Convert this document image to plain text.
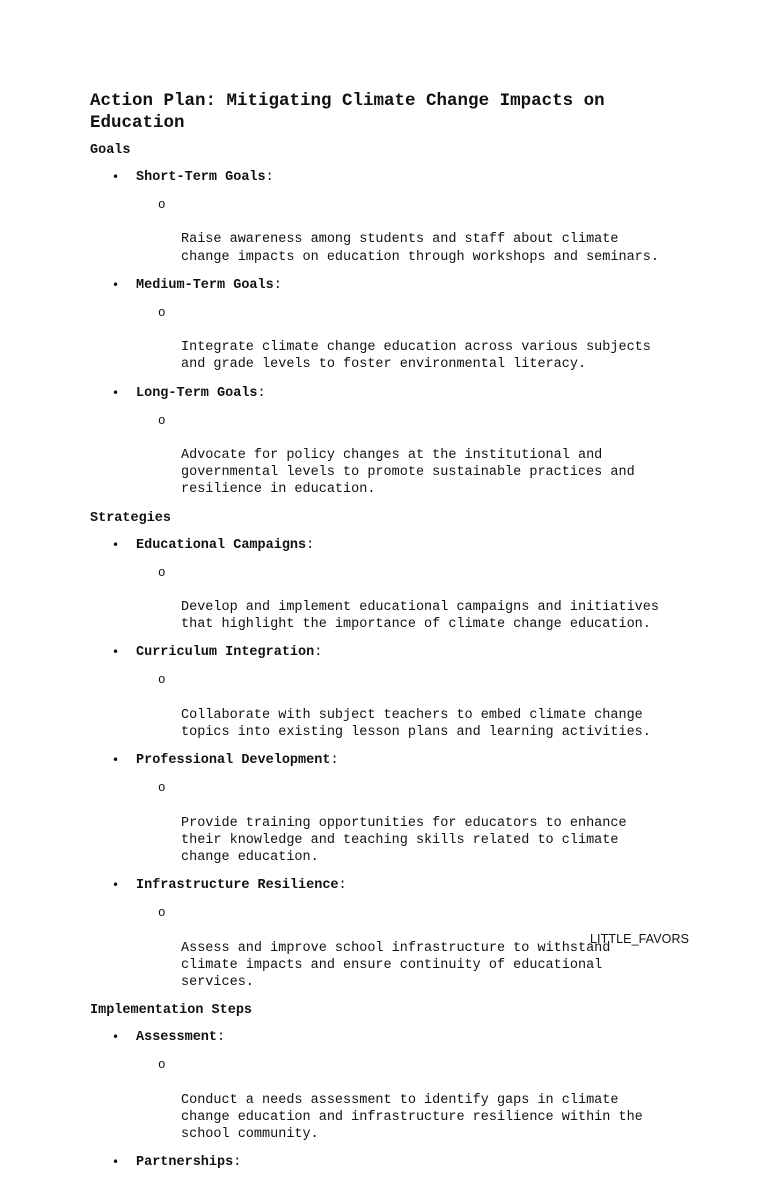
Action Plan: Mitigating Climate Change Impacts on
Education
Goals
• Short-Term Goals:

o

Raise awareness among students and staff about climate
change impacts on education through workshops and seminars.

• Medium-Term Goals:

o

Integrate climate change education across various subjects
and grade levels to foster environmental literacy.

• Long-Term Goals:

o

Advocate for policy changes at the institutional and
governmental levels to promote sustainable practices and
resilience in education.

Strategies
• Educational Campaigns:

o

Develop and implement educational campaigns and initiatives
that highlight the importance of climate change education.

• Curriculum Integration:

o

Collaborate with subject teachers to embed climate change
topics into existing lesson plans and learning activities.

• Professional Development:

o

Provide training opportunities for educators to enhance
their knowledge and teaching skills related to climate
change education.

• Infrastructure Resilience:

o

Assess and improve school infrastructure to withstand
climate impacts and ensure continuity of educational
services.

Implementation Steps
• Assessment:

o

Conduct a needs assessment to identify gaps in climate
change education and infrastructure resilience within the
school community.

• Partnerships:
LITTLE_FAVORS
